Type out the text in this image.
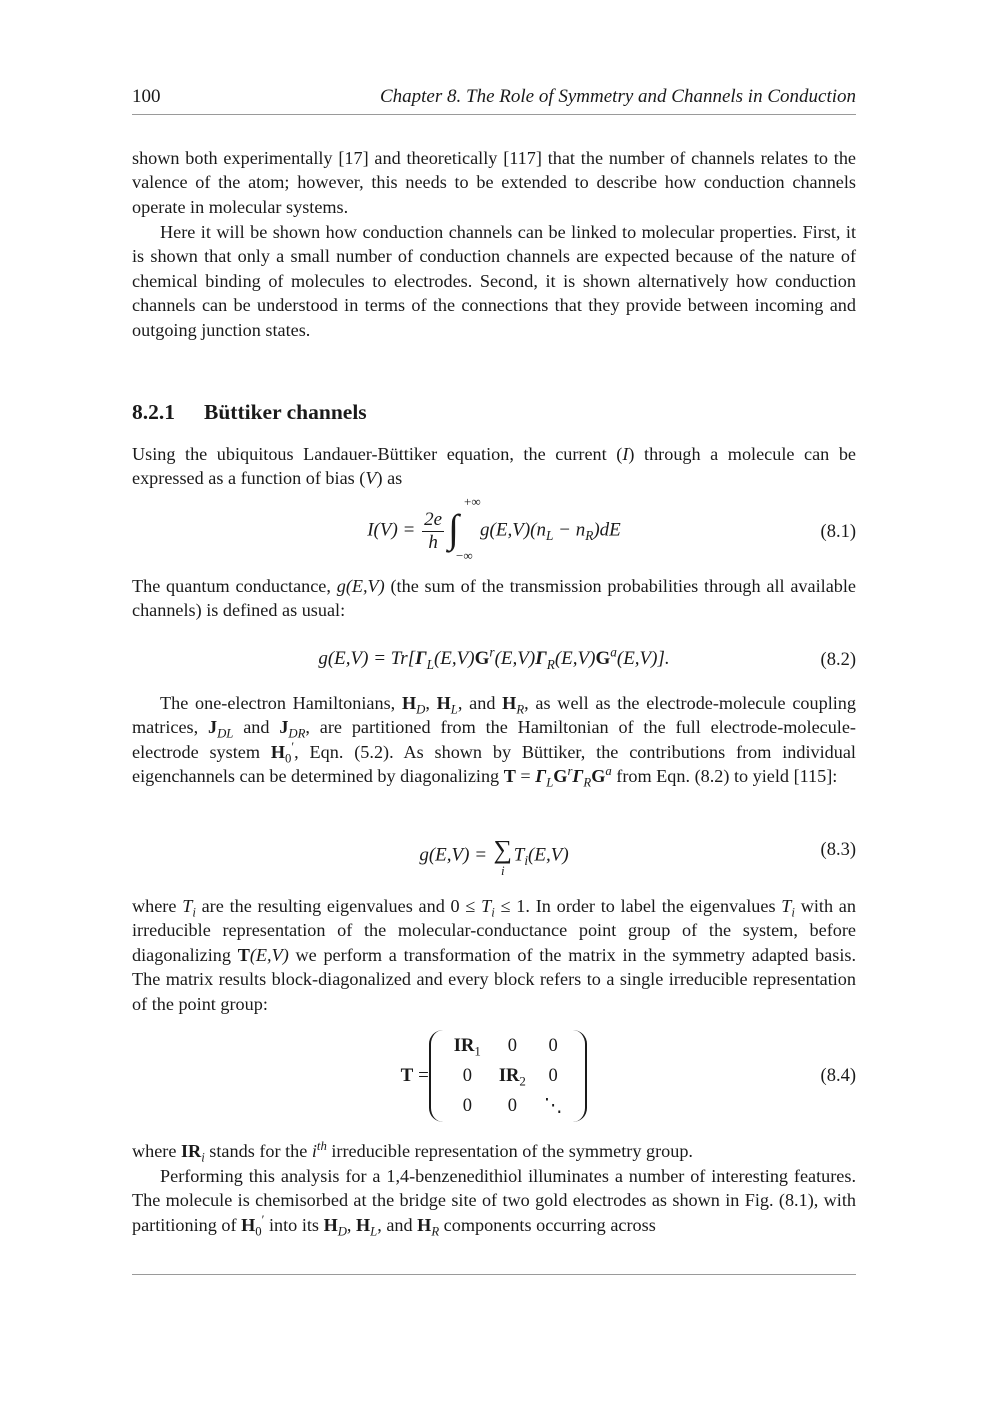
100	Chapter 8. The Role of Symmetry and Channels in Conduction

shown both experimentally [17] and theoretically [117] that the number of channels relates to the valence of the atom; however, this needs to be extended to describe how conduction channels operate in molecular systems.

Here it will be shown how conduction channels can be linked to molecular properties. First, it is shown that only a small number of conduction channels are expected because of the nature of chemical binding of molecules to electrodes. Second, it is shown alternatively how conduction channels can be understood in terms of the connections that they provide between incoming and outgoing junction states.

8.2.1 Büttiker channels

Using the ubiquitous Landauer-Büttiker equation, the current (I) through a molecule can be expressed as a function of bias (V) as

$I(V) = \frac{2e}{h}$ ∫
+∞
−∞
$g(E,V)(n_L - n_R)dE$	(8.1)

The quantum conductance, g(E,V) (the sum of the transmission probabilities through all available channels) is defined as usual:

$g(E,V) = Tr[\Gamma_L(E,V)G^r(E,V)\Gamma_R(E,V)G^a(E,V)]$.	(8.2)

The one-electron Hamiltonians, $H_D$, $H_L$, and $H_R$, as well as the electrode-molecule coupling matrices, $J_{DL}$ and $J_{DR}$, are partitioned from the Hamiltonian of the full electrode-molecule-electrode system $H_0'$, Eqn. (5.2). As shown by Büttiker, the contributions from individual eigenchannels can be determined by diagonalizing $T = \Gamma_LG^r\Gamma_RG^a$ from Eqn. (8.2) to yield [115]:

g(E,V) = ∑
i
$T_i(E,V)$	(8.3)

where $T_i$ are the resulting eigenvalues and $0 \le T_i \le 1$. In order to label the eigenvalues $T_i$ with an irreducible representation of the molecular-conductance point group of the system, before diagonalizing T(E,V) we perform a transformation of the matrix in the symmetry adapted basis. The matrix results block-diagonalized and every block refers to a single irreducible representation of the point group:

$T =IR_1$	0	0
0	$IR_2$	0
0	0	⋱
(8.4)

where $IR_i$ stands for the $i^{th}$ irreducible representation of the symmetry group.

Performing this analysis for a 1,4-benzenedithiol illuminates a number of interesting features. The molecule is chemisorbed at the bridge site of two gold electrodes as shown in Fig. (8.1), with partitioning of $H_0'$ into its $H_D$, $H_L$, and $H_R$ components occurring across
